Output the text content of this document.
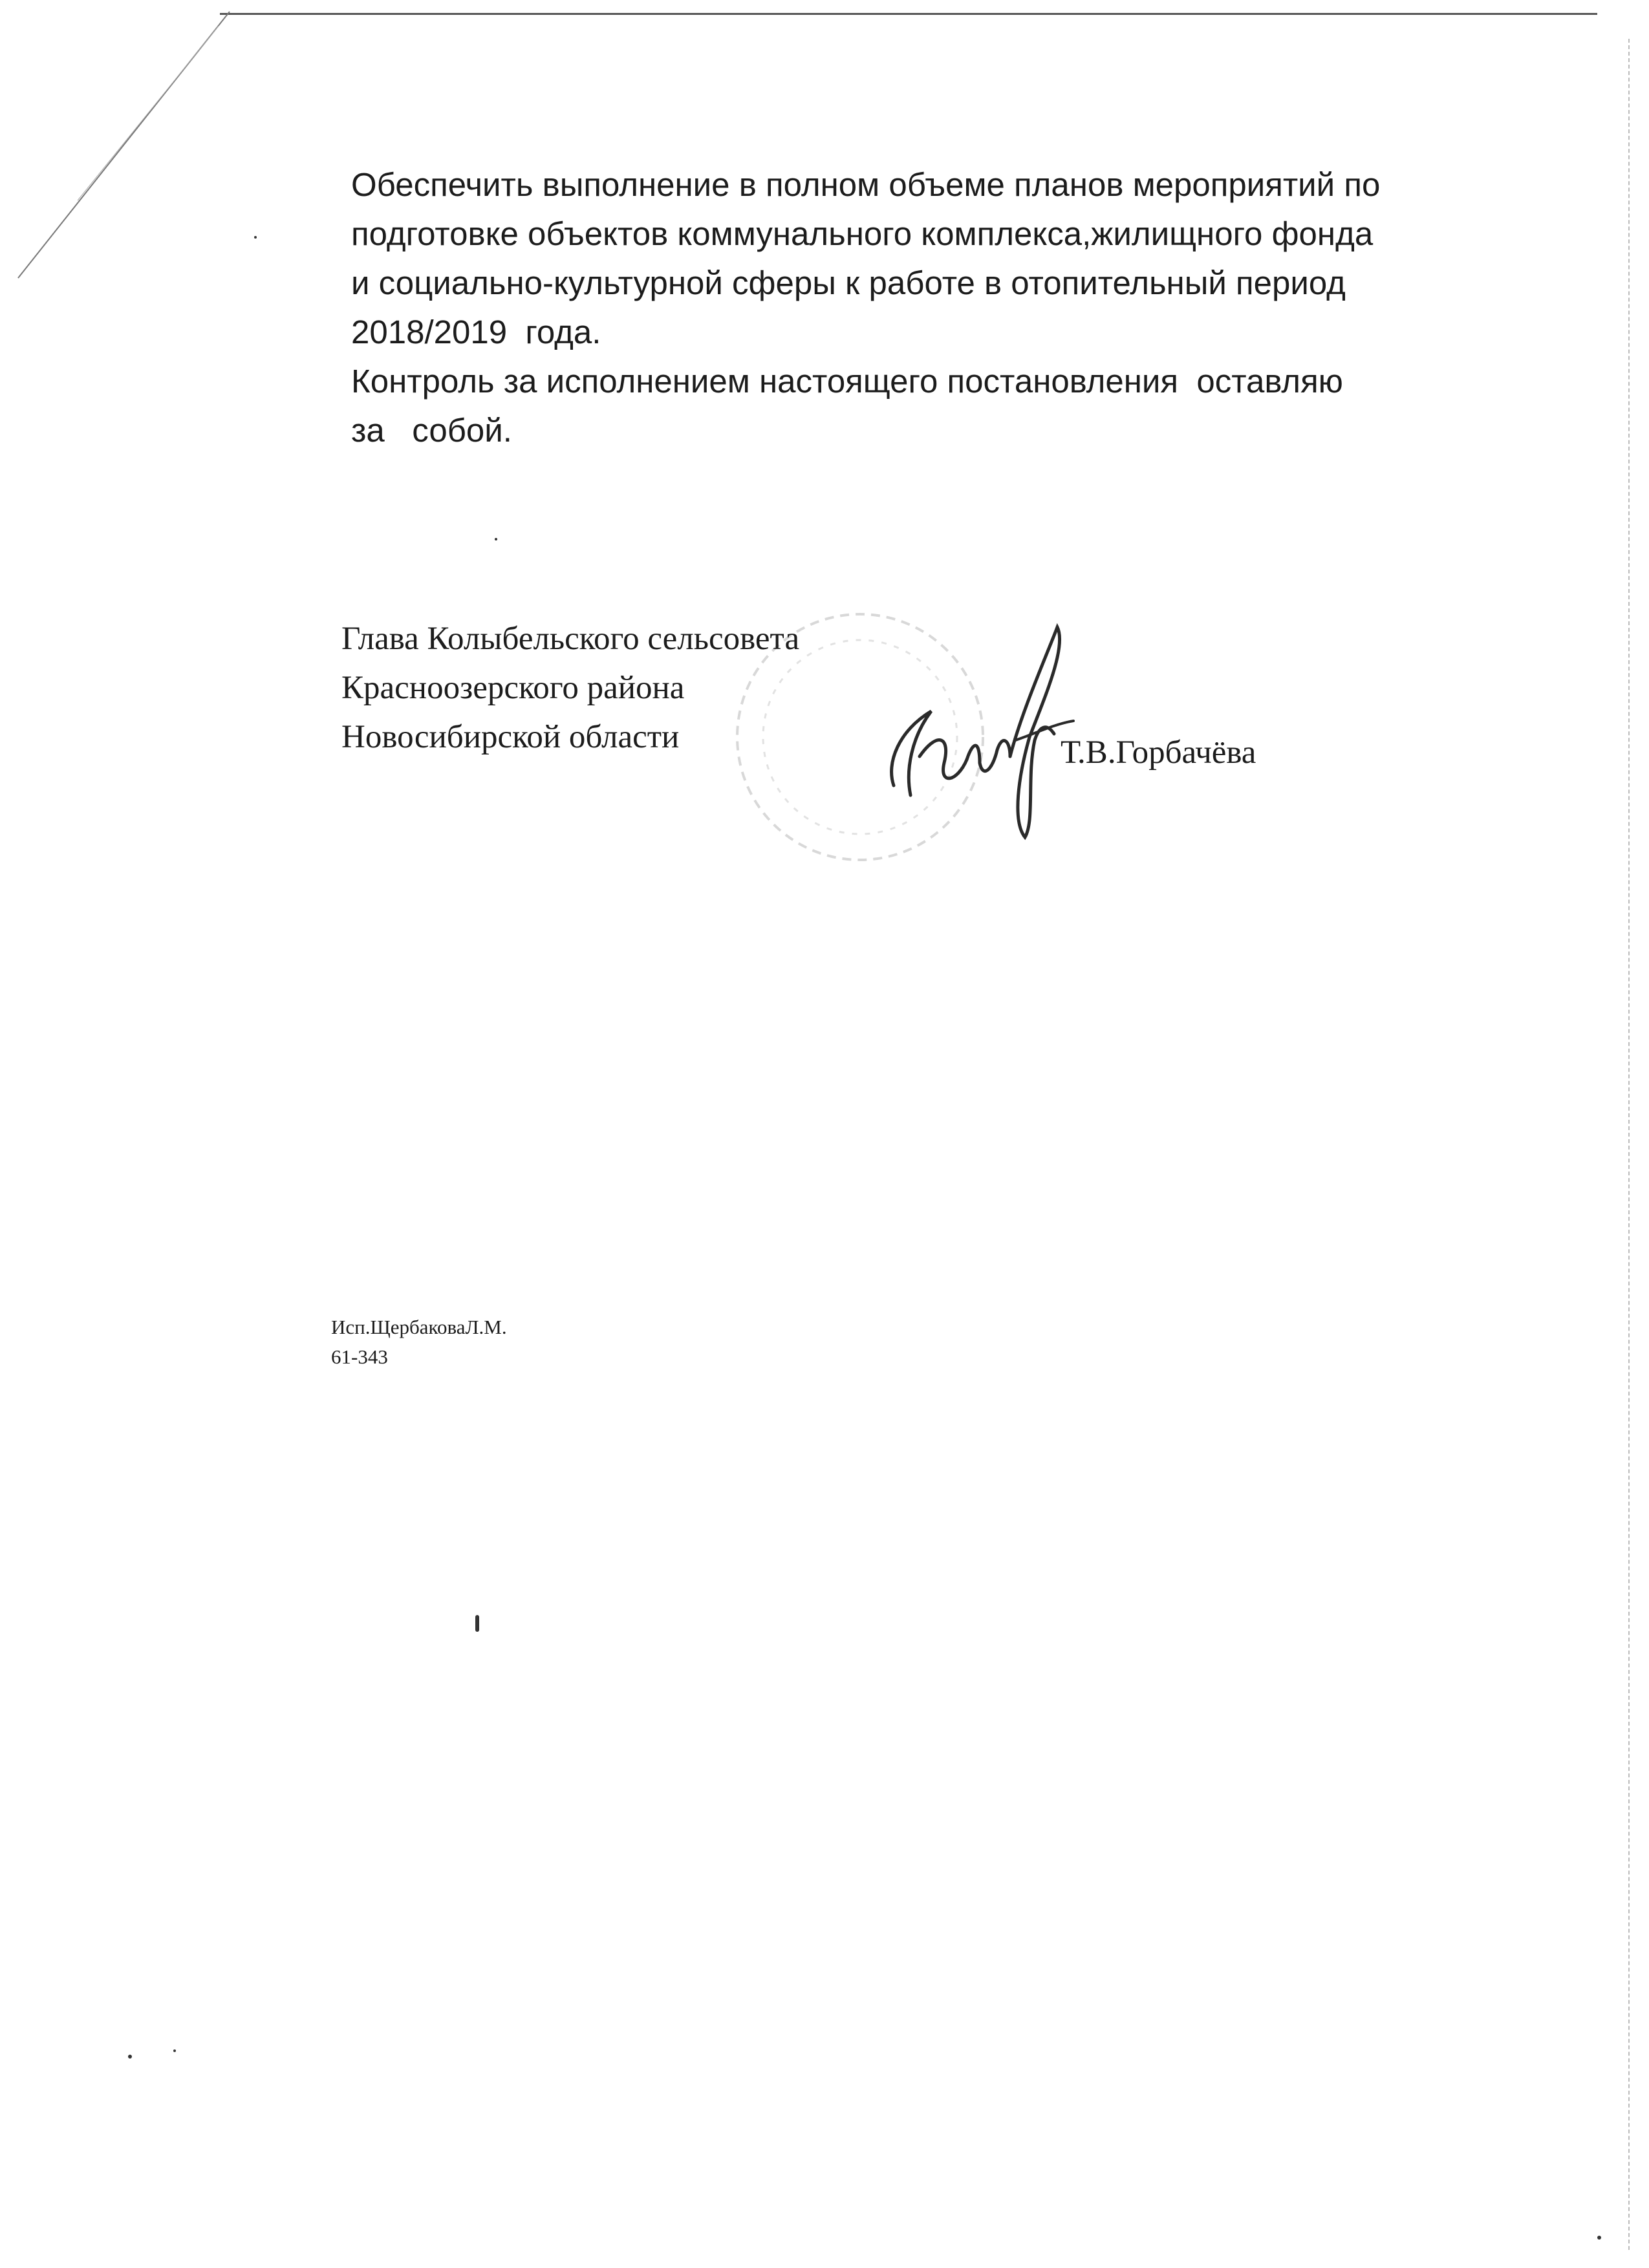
Обеспечить выполнение в полном объеме планов мероприятий по
подготовке объектов коммунального комплекса,жилищного фонда
и социально-культурной сферы к работе в отопительный период
2018/2019  года.
Контроль за исполнением настоящего постановления  оставляю
за   собой.
Глава Колыбельского сельсовета
Красноозерского района
Новосибирской области	Т.В.Горбачёва
Исп.ЩербаковаЛ.М.
61-343
